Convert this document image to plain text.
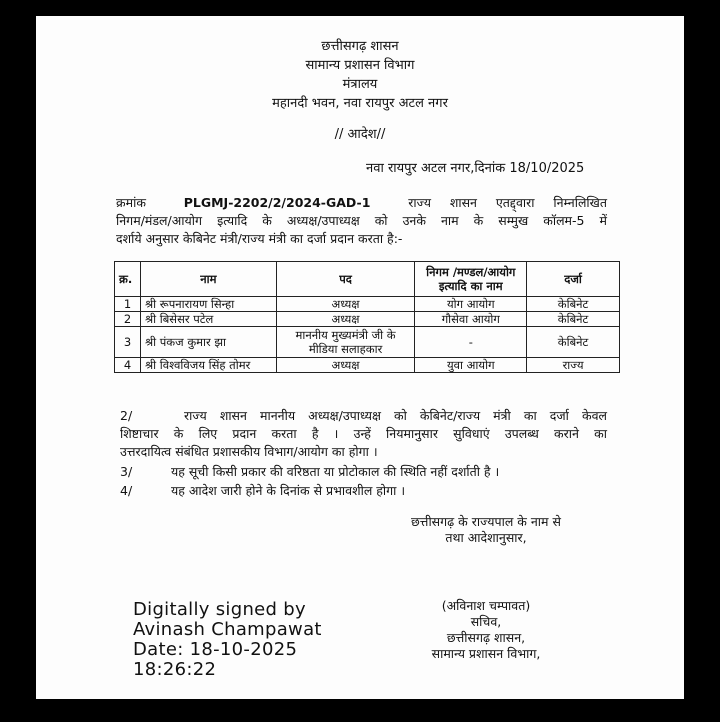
छत्तीसगढ़ शासन
सामान्य प्रशासन विभाग
मंत्रालय
महानदी भवन, नवा रायपुर अटल नगर
// आदेश//
नवा रायपुर अटल नगर,दिनांक 18/10/2025
क्रमांक	PLGMJ-2202/2/2024-GAD-1	राज्य शासन एतद्द्वारा निम्नलिखित
निगम/मंडल/आयोग इत्यादि के अध्यक्ष/उपाध्यक्ष को उनके नाम के सम्मुख कॉलम-5 में
दर्शाये अनुसार केबिनेट मंत्री/राज्य मंत्री का दर्जा प्रदान करता है:-
क्र.	नाम	पद	निगम /मण्डल/आयोग इत्यादि का नाम	दर्जा
1	श्री रूपनारायण सिन्हा	अध्यक्ष	योग आयोग	केबिनेट
2	श्री बिसेसर पटेल	अध्यक्ष	गौसेवा आयोग	केबिनेट
3	श्री पंकज कुमार झा	माननीय मुख्यमंत्री जी के मीडिया सलाहकार	-	केबिनेट
4	श्री विश्वविजय सिंह तोमर	अध्यक्ष	युवा आयोग	राज्य
2/	राज्य शासन माननीय अध्यक्ष/उपाध्यक्ष को केबिनेट/राज्य मंत्री का दर्जा केवल
शिष्टाचार के लिए प्रदान करता है । उन्हें नियमानुसार सुविधाएं उपलब्ध कराने का
उत्तरदायित्व संबंधित प्रशासकीय विभाग/आयोग का होगा ।
3/	यह सूची किसी प्रकार की वरिष्ठता या प्रोटोकाल की स्थिति नहीं दर्शाती है ।
4/	यह आदेश जारी होने के दिनांक से प्रभावशील होगा ।
छत्तीसगढ़ के राज्यपाल के नाम से
तथा आदेशानुसार,
Digitally signed by
Avinash Champawat
Date: 18-10-2025
18:26:22
(अविनाश चम्पावत)
सचिव,
छत्तीसगढ़ शासन,
सामान्य प्रशासन विभाग,
